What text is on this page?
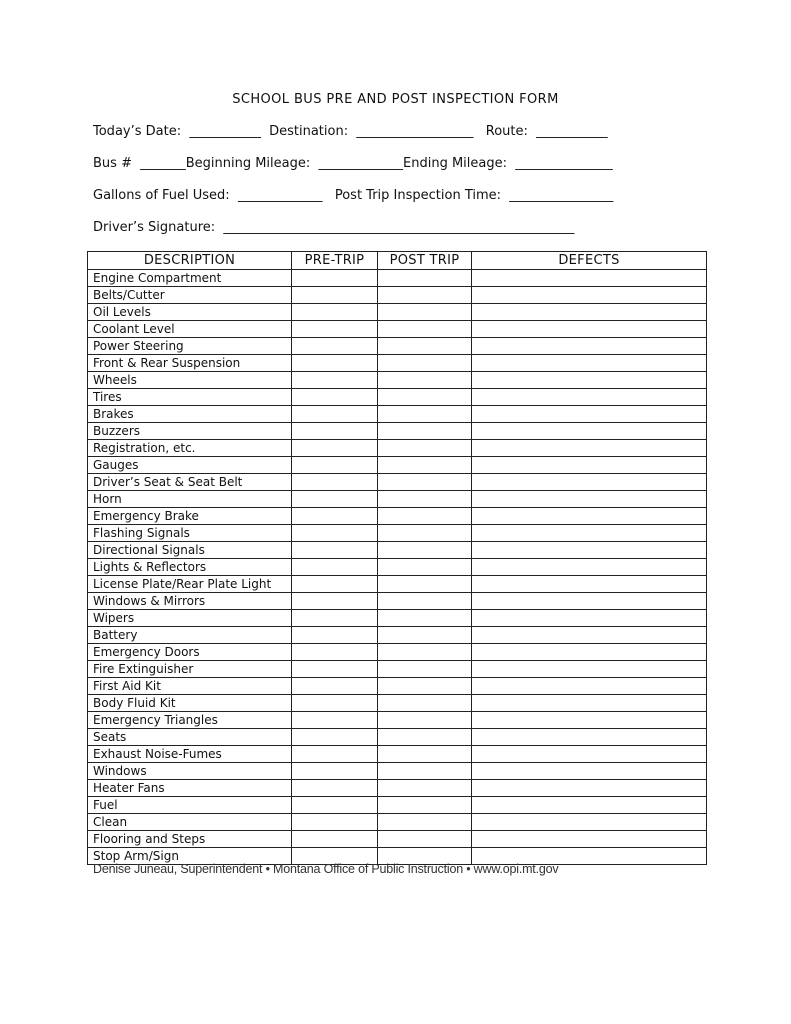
SCHOOL BUS PRE AND POST INSPECTION FORM
Today’s Date:  ___________  Destination:  __________________   Route:  ___________
Bus #  _______Beginning Mileage:  _____________Ending Mileage:  _______________
Gallons of Fuel Used:  _____________   Post Trip Inspection Time:  ________________
Driver’s Signature:  ______________________________________________________
DESCRIPTION	PRE-TRIP	POST TRIP	DEFECTS
Engine Compartment			
Belts/Cutter			
Oil Levels			
Coolant Level			
Power Steering			
Front & Rear Suspension			
Wheels			
Tires			
Brakes			
Buzzers			
Registration, etc.			
Gauges			
Driver’s Seat & Seat Belt			
Horn			
Emergency Brake			
Flashing Signals			
Directional Signals			
Lights & Reflectors			
License Plate/Rear Plate Light			
Windows & Mirrors			
Wipers			
Battery			
Emergency Doors			
Fire Extinguisher			
First Aid Kit			
Body Fluid Kit			
Emergency Triangles			
Seats			
Exhaust Noise-Fumes			
Windows			
Heater Fans			
Fuel			
Clean			
Flooring and Steps			
Stop Arm/Sign			
Denise Juneau, Superintendent • Montana Office of Public Instruction • www.opi.mt.gov
